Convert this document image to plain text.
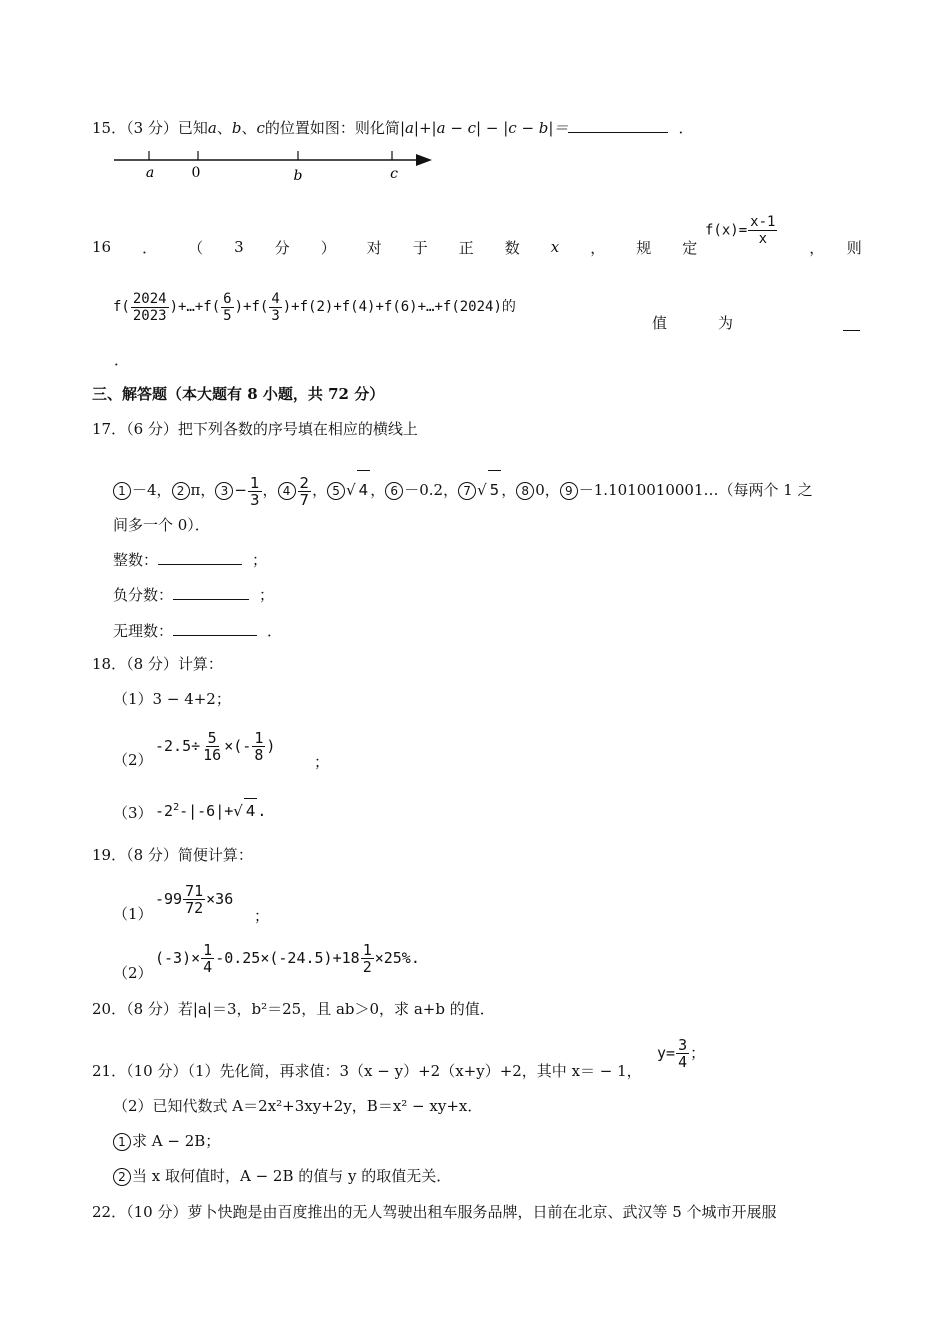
15．（3 分）已知a、b、c的位置如图：则化简|a|+|a − c| − |c − b|＝	．
a	0	b	c
16 ． （ 3 分 ） 对 于 正 数 x ， 规 定	，　　则
$f(x)= \frac{x-1}{x}$
$f( \frac{2024}{2023}$ )+…+f( $\frac{6}{5} )+f( \frac{4}{3}$ )+f(2)+f(4)+f(6)+…+f(2024)的
值	为
．
三、解答题（本大题有 8 小题，共 72 分）
17．（6 分）把下列各数的序号填在相应的横线上
1 －4， 2 π， $3 - \frac{1}{3}$ ， $4 \frac{2}{7}$ ， 5 √ 4 ， 6 －0.2， 7 √ 5 ， 8 0， 9 －1.1010010001…（每两个 1 之
间多一个 0）．
整数：	；
负分数：	；
无理数：	．
18．（8 分）计算：
（1）3 − 4+2；
（2）
$-2.5\div \frac{5}{16}$ ×(- $\frac{1}{8}$ )
；
（3） $-2^2-|-6|+√$ 4 .
19．（8 分）简便计算：
（1）
$-99 \frac{71}{72} \times 36$
；
（2）
$(-3)\times \frac{1}{4} -0.25\times(-24.5)+18 \frac{1}{2} \times 25\%$.
20．（8 分）若|a|＝3，b²＝25，且 ab＞0，求 a+b 的值．
21．（10 分）（1）先化简，再求值：3（x − y）+2（x+y）+2，其中 x＝ − 1，
$y= \frac{3}{4}$ ；
（2）已知代数式 A＝2x²+3xy+2y，B＝x² − xy+x．
1 求 A − 2B；
2 当 x 取何值时，A − 2B 的值与 y 的取值无关．
22．（10 分）萝卜快跑是由百度推出的无人驾驶出租车服务品牌，日前在北京、武汉等 5 个城市开展服
